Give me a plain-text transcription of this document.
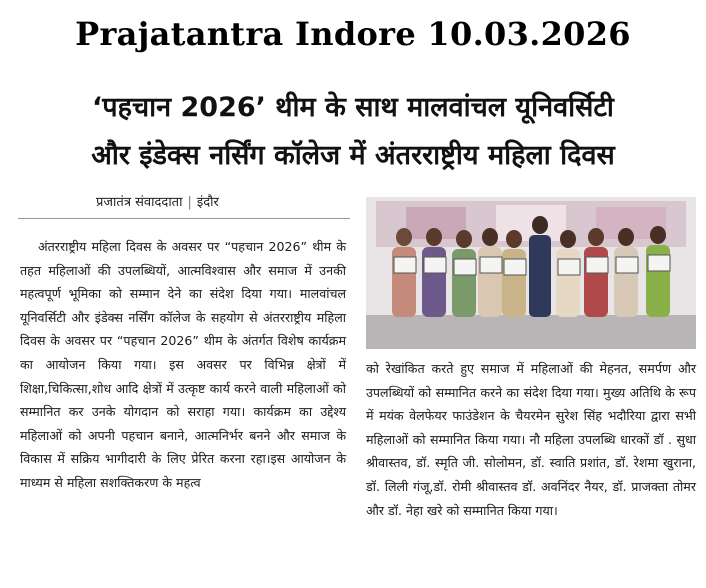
Prajatantra Indore 10.03.2026
‘पहचान 2026’ थीम के साथ मालवांचल यूनिवर्सिटी
और इंडेक्स नर्सिंग कॉलेज में अंतरराष्ट्रीय महिला दिवस
प्रजातंत्र संवाददाता | इंदौर

अंतरराष्ट्रीय महिला दिवस के अवसर पर “पहचान 2026” थीम के तहत महिलाओं की उपलब्धियों, आत्मविश्वास और समाज में उनकी महत्वपूर्ण भूमिका को सम्मान देने का संदेश दिया गया। मालवांचल यूनिवर्सिटी और इंडेक्स नर्सिंग कॉलेज के सहयोग से अंतरराष्ट्रीय महिला दिवस के अवसर पर “पहचान 2026” थीम के अंतर्गत विशेष कार्यक्रम का आयोजन किया गया। इस अवसर पर विभिन्न क्षेत्रों में शिक्षा,चिकित्सा,शोध आदि क्षेत्रों में उत्कृष्ट कार्य करने वाली महिलाओं को सम्मानित कर उनके योगदान को सराहा गया। कार्यक्रम का उद्देश्य महिलाओं को अपनी पहचान बनाने, आत्मनिर्भर बनने और समाज के विकास में सक्रिय भागीदारी के लिए प्रेरित करना रहा।इस आयोजन के माध्यम से महिला सशक्तिकरण के महत्व

को रेखांकित करते हुए समाज में महिलाओं की मेहनत, समर्पण और उपलब्धियों को सम्मानित करने का संदेश दिया गया। मुख्य अतिथि के रूप में मयंक वेलफेयर फाउंडेशन के चैयरमेन सुरेश सिंह भदौरिया द्वारा सभी महिलाओं को सम्मानित किया गया। नौ महिला उपलब्धि धारकों डॉ . सुधा श्रीवास्तव, डॉ. स्मृति जी. सोलोमन, डॉ. स्वाति प्रशांत, डॉ. रेशमा खुराना, डॉ. लिली गंजू,डॉ. रोमी श्रीवास्तव डॉ. अवनिंदर नैयर, डॉ. प्राजक्ता तोमर और डॉ. नेहा खरे को सम्मानित किया गया।
